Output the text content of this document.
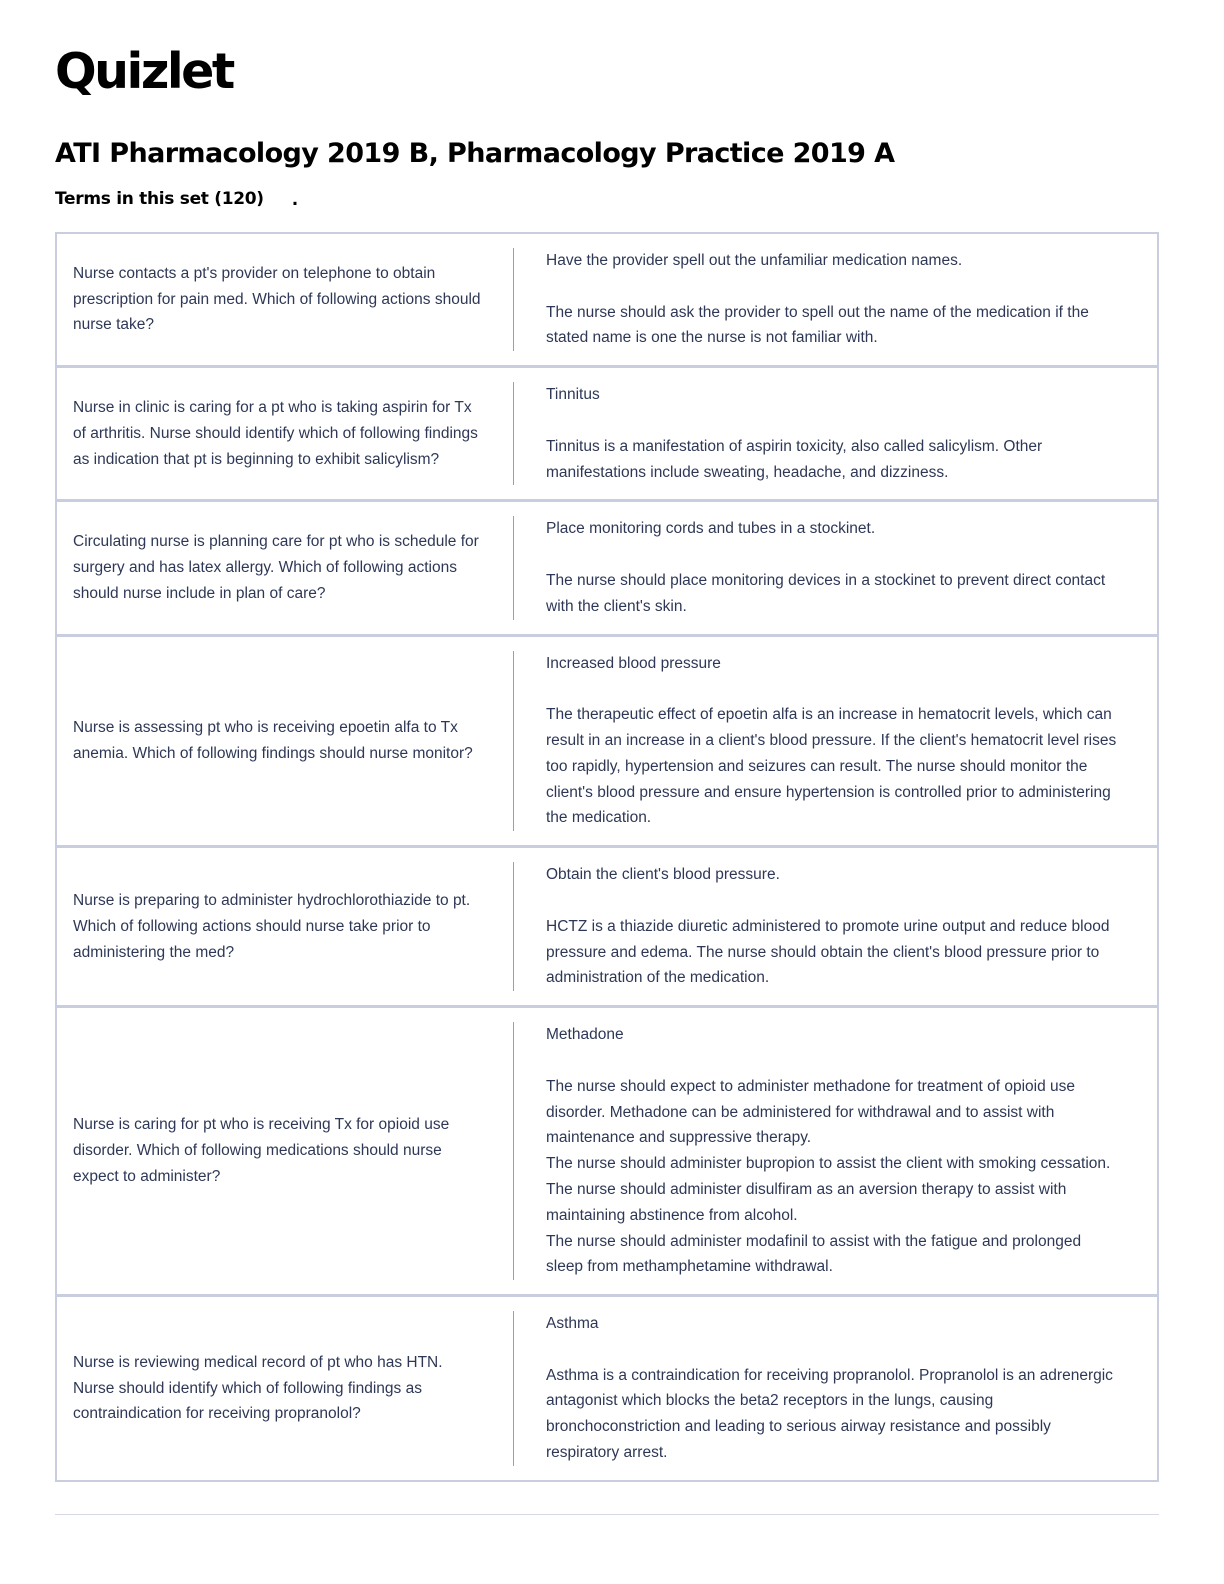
Quizlet
ATI Pharmacology 2019 B, Pharmacology Practice 2019 A
Terms in this set (120) .
Nurse contacts a pt's provider on telephone to obtain prescription for pain med. Which of following actions should nurse take?

Have the provider spell out the unfamiliar medication names.

The nurse should ask the provider to spell out the name of the medication if the stated name is one the nurse is not familiar with.

Nurse in clinic is caring for a pt who is taking aspirin for Tx of arthritis. Nurse should identify which of following findings as indication that pt is beginning to exhibit salicylism?

Tinnitus

Tinnitus is a manifestation of aspirin toxicity, also called salicylism. Other manifestations include sweating, headache, and dizziness.

Circulating nurse is planning care for pt who is schedule for surgery and has latex allergy. Which of following actions should nurse include in plan of care?

Place monitoring cords and tubes in a stockinet.

The nurse should place monitoring devices in a stockinet to prevent direct contact with the client's skin.

Nurse is assessing pt who is receiving epoetin alfa to Tx anemia. Which of following findings should nurse monitor?

Increased blood pressure

The therapeutic effect of epoetin alfa is an increase in hematocrit levels, which can result in an increase in a client's blood pressure. If the client's hematocrit level rises too rapidly, hypertension and seizures can result. The nurse should monitor the client's blood pressure and ensure hypertension is controlled prior to administering the medication.

Nurse is preparing to administer hydrochlorothiazide to pt. Which of following actions should nurse take prior to administering the med?

Obtain the client's blood pressure.

HCTZ is a thiazide diuretic administered to promote urine output and reduce blood pressure and edema. The nurse should obtain the client's blood pressure prior to administration of the medication.

Nurse is caring for pt who is receiving Tx for opioid use disorder. Which of following medications should nurse expect to administer?

Methadone

The nurse should expect to administer methadone for treatment of opioid use disorder. Methadone can be administered for withdrawal and to assist with maintenance and suppressive therapy.
The nurse should administer bupropion to assist the client with smoking cessation.
The nurse should administer disulfiram as an aversion therapy to assist with maintaining abstinence from alcohol.
The nurse should administer modafinil to assist with the fatigue and prolonged sleep from methamphetamine withdrawal.

Nurse is reviewing medical record of pt who has HTN. Nurse should identify which of following findings as contraindication for receiving propranolol?

Asthma

Asthma is a contraindication for receiving propranolol. Propranolol is an adrenergic antagonist which blocks the beta2 receptors in the lungs, causing bronchoconstriction and leading to serious airway resistance and possibly respiratory arrest.
